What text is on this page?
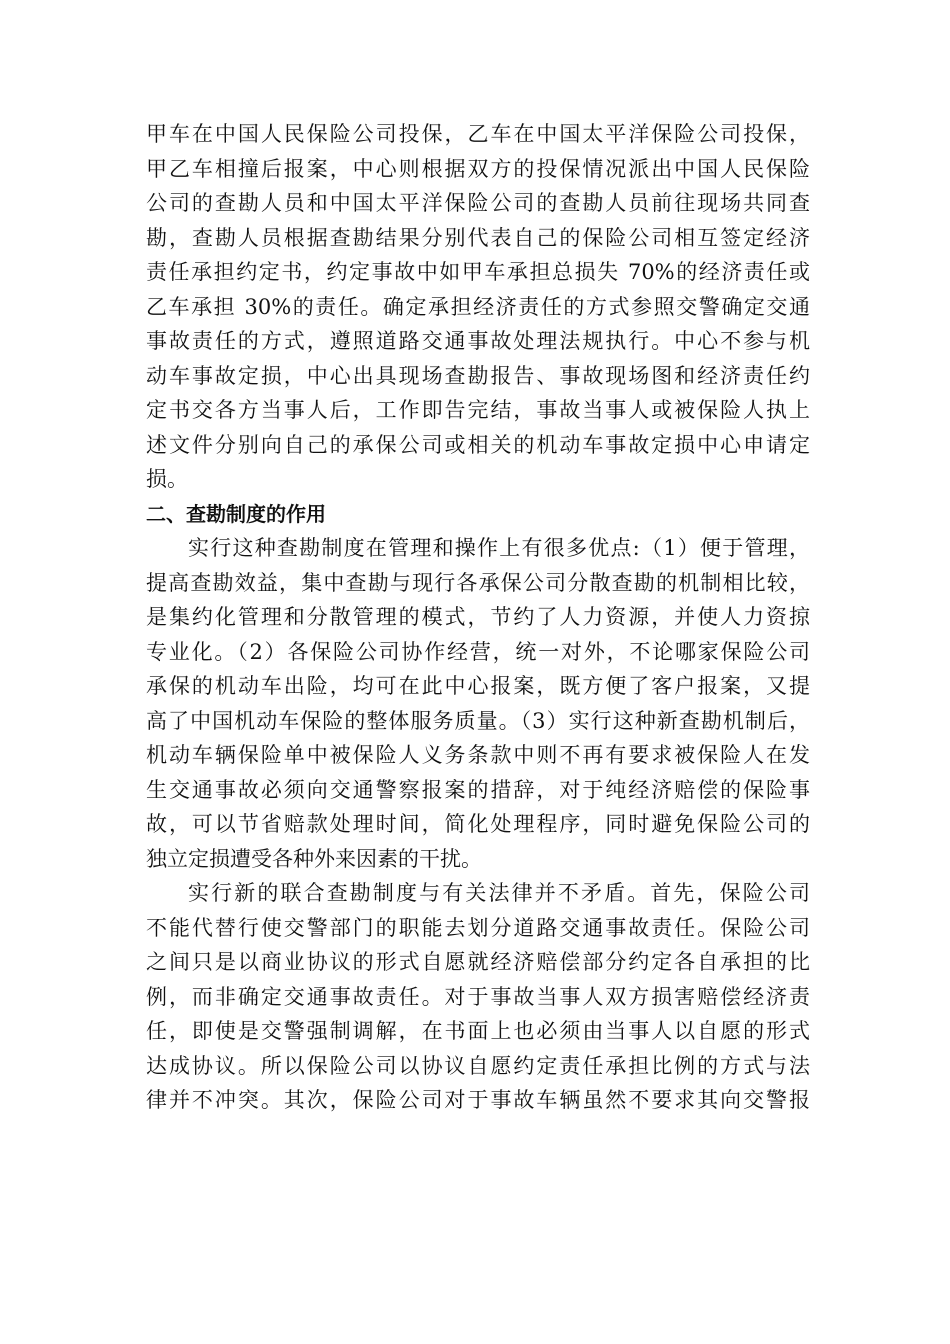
甲车在中国人民保险公司投保，乙车在中国太平洋保险公司投保，
甲乙车相撞后报案，中心则根据双方的投保情况派出中国人民保险
公司的查勘人员和中国太平洋保险公司的查勘人员前往现场共同查
勘，查勘人员根据查勘结果分别代表自己的保险公司相互签定经济
责任承担约定书，约定事故中如甲车承担总损失 70%的经济责任或
乙车承担 30%的责任。确定承担经济责任的方式参照交警确定交通
事故责任的方式，遵照道路交通事故处理法规执行。中心不参与机
动车事故定损，中心出具现场查勘报告、事故现场图和经济责任约
定书交各方当事人后，工作即告完结，事故当事人或被保险人执上
述文件分别向自己的承保公司或相关的机动车事故定损中心申请定
损。
二、查勘制度的作用
实行这种查勘制度在管理和操作上有很多优点:（1）便于管理，
提高查勘效益，集中查勘与现行各承保公司分散查勘的机制相比较，
是集约化管理和分散管理的模式，节约了人力资源，并使人力资掠
专业化。（2）各保险公司协作经营，统一对外，不论哪家保险公司
承保的机动车出险，均可在此中心报案，既方便了客户报案，又提
高了中国机动车保险的整体服务质量。（3）实行这种新查勘机制后，
机动车辆保险单中被保险人义务条款中则不再有要求被保险人在发
生交通事故必须向交通警察报案的措辞，对于纯经济赔偿的保险事
故，可以节省赔款处理时间，简化处理程序，同时避免保险公司的
独立定损遭受各种外来因素的干扰。
实行新的联合查勘制度与有关法律并不矛盾。首先，保险公司
不能代替行使交警部门的职能去划分道路交通事故责任。保险公司
之间只是以商业协议的形式自愿就经济赔偿部分约定各自承担的比
例，而非确定交通事故责任。对于事故当事人双方损害赔偿经济责
任，即使是交警强制调解，在书面上也必须由当事人以自愿的形式
达成协议。所以保险公司以协议自愿约定责任承担比例的方式与法
律并不冲突。其次，保险公司对于事故车辆虽然不要求其向交警报
